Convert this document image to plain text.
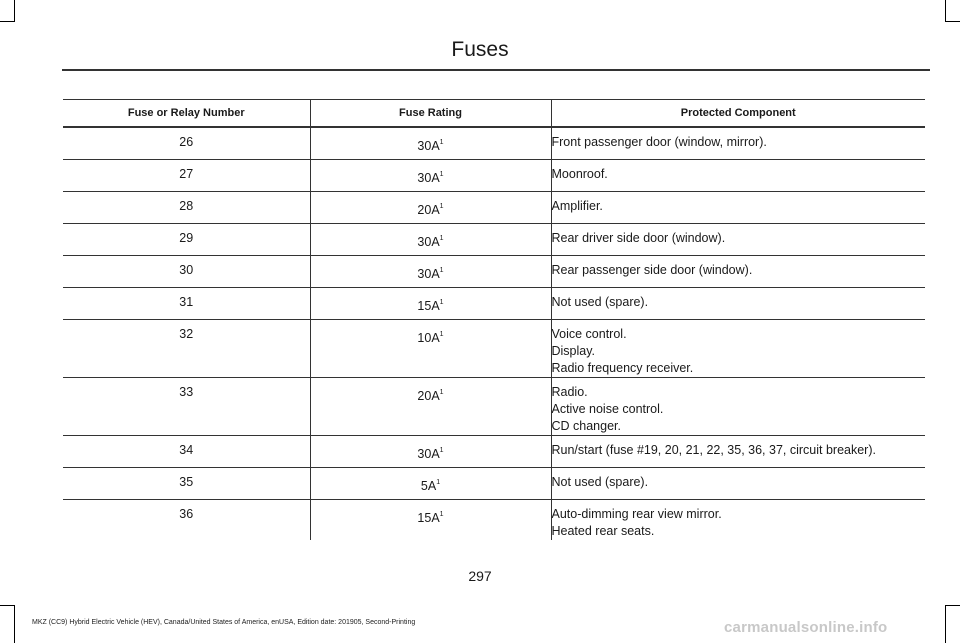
Fuses
Fuse or Relay Number	Fuse Rating	Protected Component
26	$30A^1$	Front passenger door (window, mirror).

27	$30A^1$	Moonroof.

28	$20A^1$	Amplifier.

29	$30A^1$	Rear driver side door (window).

30	$30A^1$	Rear passenger side door (window).

31	$15A^1$	Not used (spare).

32	$10A^1$	Voice control.
Display.
Radio frequency receiver.

33	$20A^1$	Radio.
Active noise control.
CD changer.

34	$30A^1$	Run/start (fuse #19, 20, 21, 22, 35, 36, 37, circuit breaker).

35	$5A^1$	Not used (spare).

36	$15A^1$	Auto-dimming rear view mirror.
Heated rear seats.
297
MKZ (CC9) Hybrid Electric Vehicle (HEV), Canada/United States of America, enUSA, Edition date: 201905, Second-Printing	carmanualsonline.info
